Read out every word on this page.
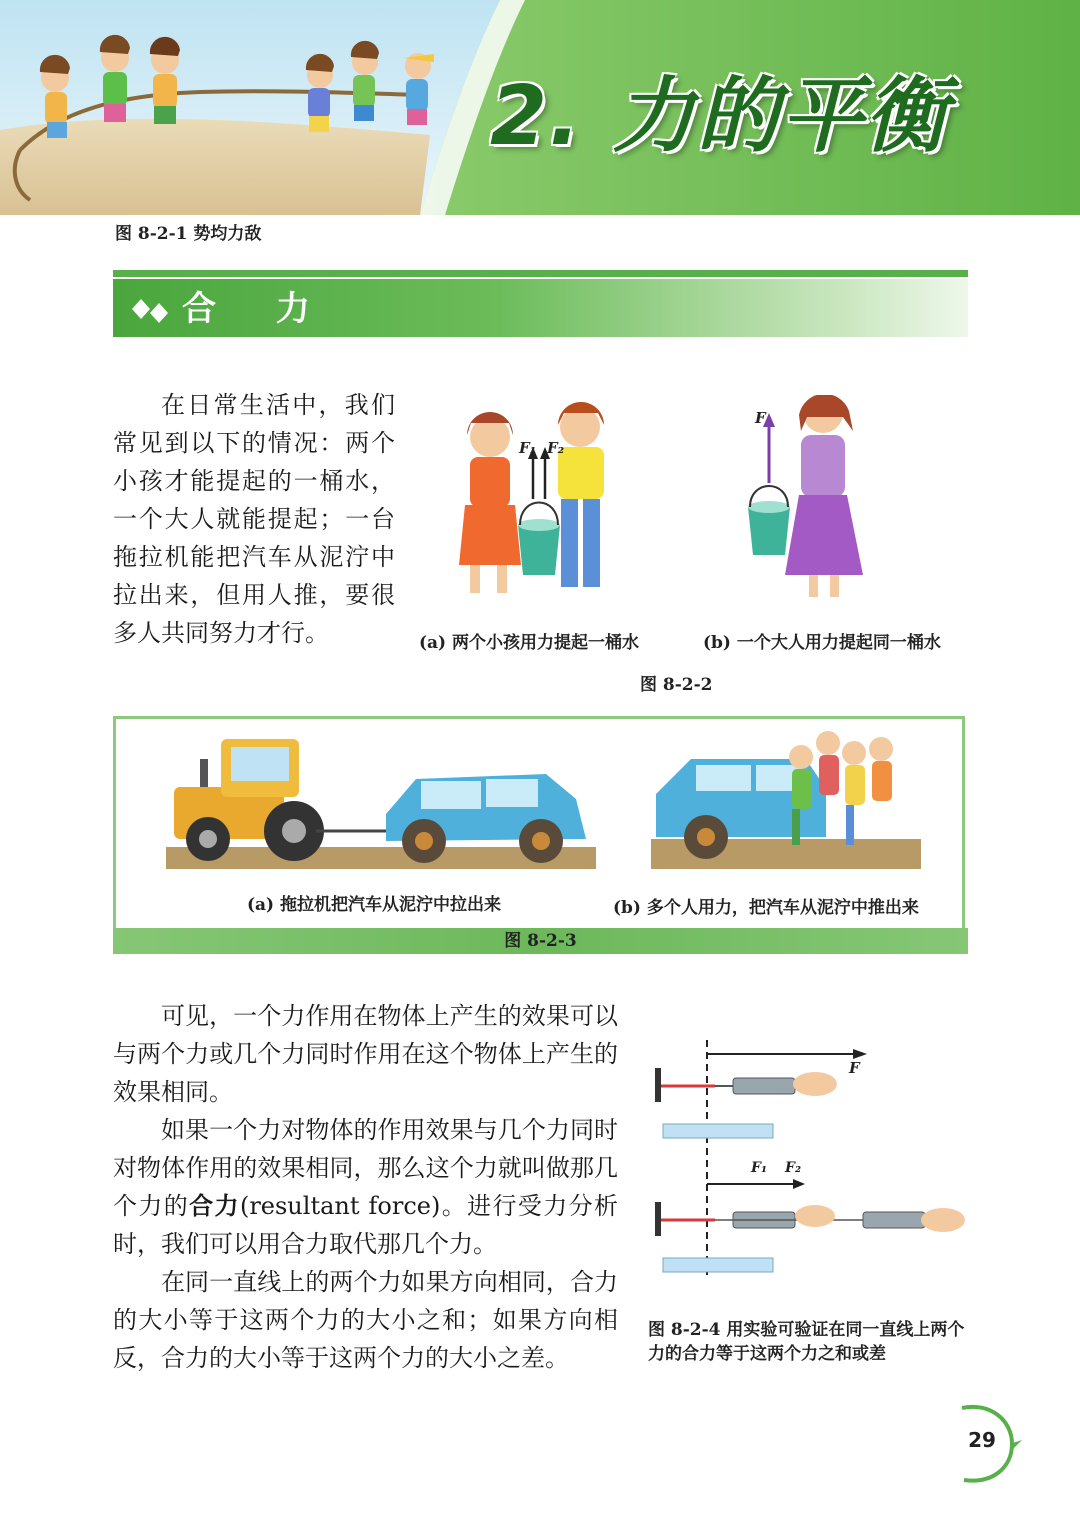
2. 力的平衡
图 8-2-1 势均力敌
合 力

在日常生活中，我们常见到以下的情况：两个小孩才能提起的一桶水，一个大人就能提起；一台拖拉机能把汽车从泥泞中拉出来，但用人推，要很多人共同努力才行。

F₁ F₂
F
(a) 两个小孩用力提起一桶水	(b) 一个大人用力提起同一桶水
图 8-2-2
(a) 拖拉机把汽车从泥泞中拉出来	(b) 多个人用力，把汽车从泥泞中推出来
图 8-2-3

可见，一个力作用在物体上产生的效果可以与两个力或几个力同时作用在这个物体上产生的效果相同。

如果一个力对物体的作用效果与几个力同时对物体作用的效果相同，那么这个力就叫做那几个力的合力(resultant force)。进行受力分析时，我们可以用合力取代那几个力。

在同一直线上的两个力如果方向相同，合力的大小等于这两个力的大小之和；如果方向相反，合力的大小等于这两个力的大小之差。

F
F₁ F₂
图 8-2-4 用实验可验证在同一直线上两个力的合力等于这两个力之和或差
29
